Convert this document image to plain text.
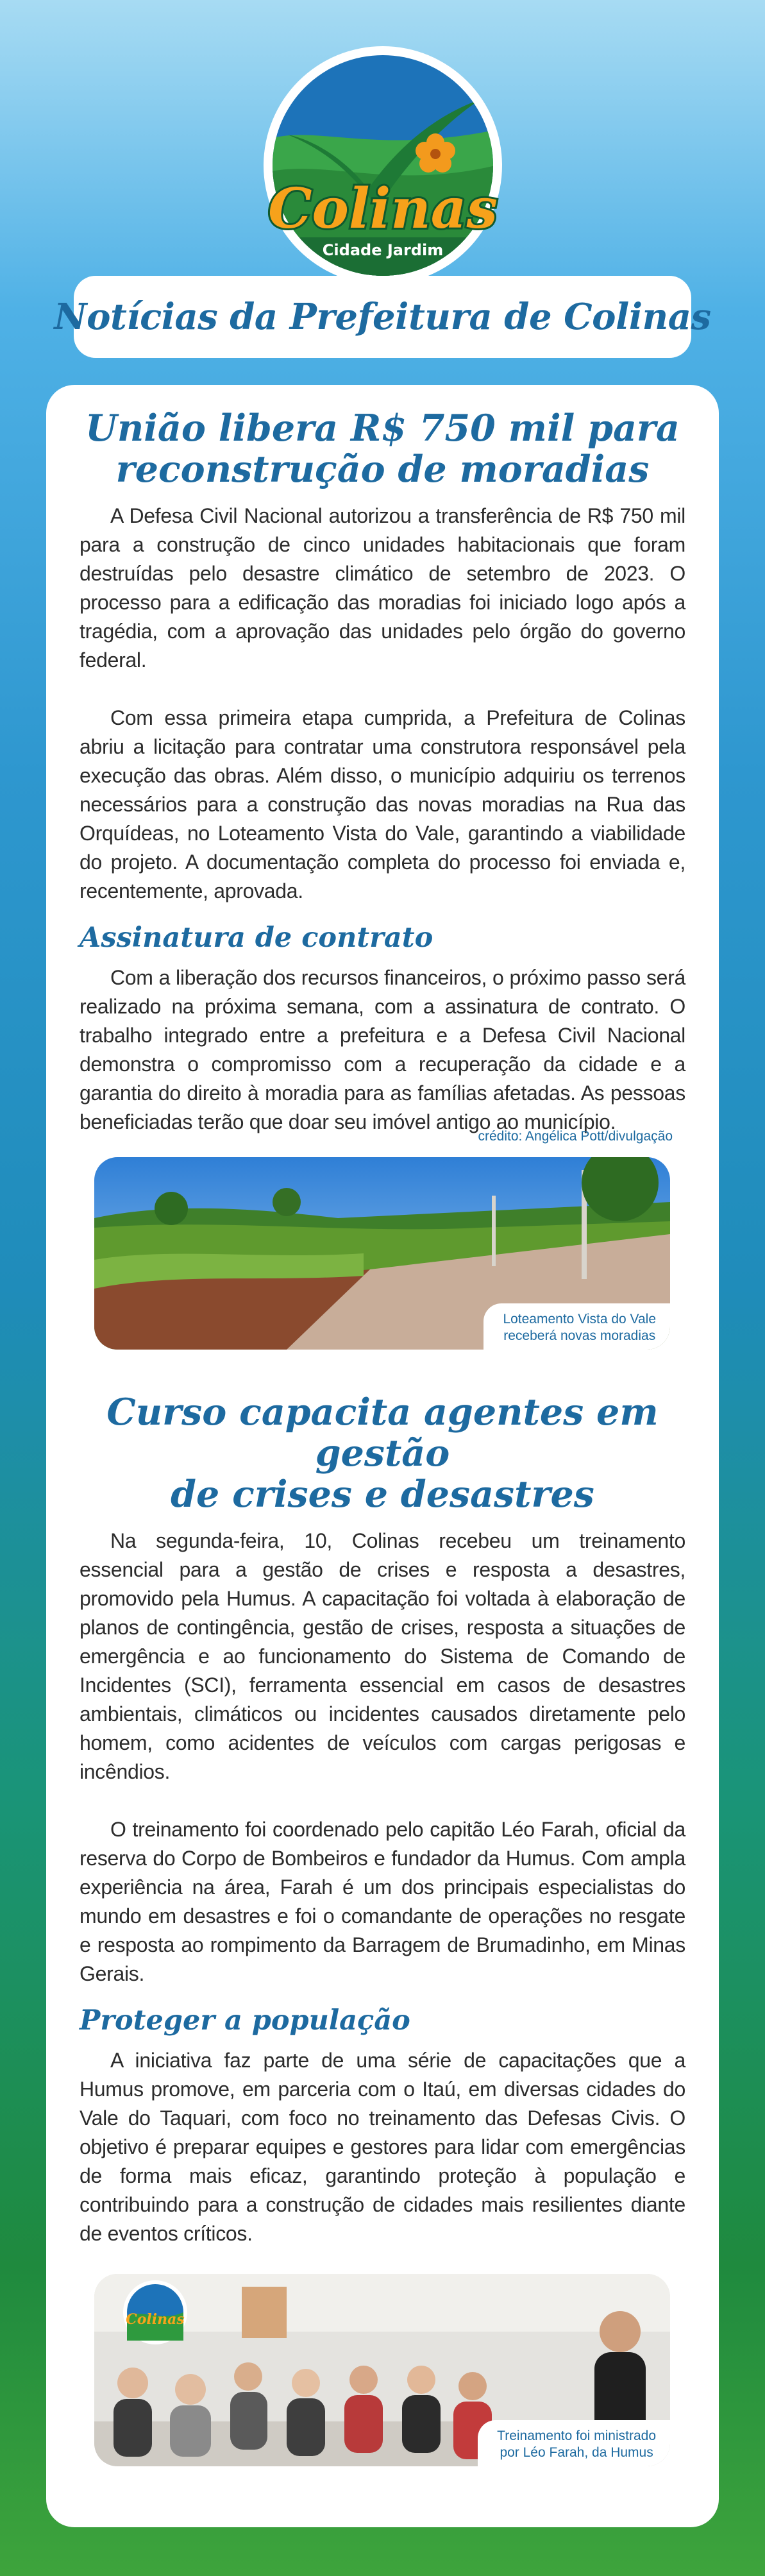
Colinas
Cidade Jardim
Notícias da Prefeitura de Colinas
União libera R$ 750 mil para
reconstrução de moradias

A Defesa Civil Nacional autorizou a transferência de R$ 750 mil para a construção de cinco unidades habitacionais que foram destruídas pelo desastre climático de setembro de 2023. O processo para a edificação das moradias foi iniciado logo após a tragédia, com a aprovação das unidades pelo órgão do governo federal.

Com essa primeira etapa cumprida, a Prefeitura de Colinas abriu a licitação para contratar uma construtora responsável pela execução das obras. Além disso, o município adquiriu os terrenos necessários para a construção das novas moradias na Rua das Orquídeas, no Loteamento Vista do Vale, garantindo a viabilidade do projeto. A documentação completa do processo foi enviada e, recentemente, aprovada.

Assinatura de contrato

Com a liberação dos recursos financeiros, o próximo passo será realizado na próxima semana, com a assinatura de contrato. O trabalho integrado entre a prefeitura e a Defesa Civil Nacional demonstra o compromisso com a recuperação da cidade e a garantia do direito à moradia para as famílias afetadas. As pessoas beneficiadas terão que doar seu imóvel antigo ao município.

crédito: Angélica Pott/divulgação

Loteamento Vista do Vale
receberá novas moradias
Curso capacita agentes em gestão
de crises e desastres

Na segunda-feira, 10, Colinas recebeu um treinamento essencial para a gestão de crises e resposta a desastres, promovido pela Humus. A capacitação foi voltada à elaboração de planos de contingência, gestão de crises, resposta a situações de emergência e ao funcionamento do Sistema de Comando de Incidentes (SCI), ferramenta essencial em casos de desastres ambientais, climáticos ou incidentes causados diretamente pelo homem, como acidentes de veículos com cargas perigosas e incêndios.

O treinamento foi coordenado pelo capitão Léo Farah, oficial da reserva do Corpo de Bombeiros e fundador da Humus. Com ampla experiência na área, Farah é um dos principais especialistas do mundo em desastres e foi o comandante de operações no resgate e resposta ao rompimento da Barragem de Brumadinho, em Minas Gerais.

Proteger a população

A iniciativa faz parte de uma série de capacitações que a Humus promove, em parceria com o Itaú, em diversas cidades do Vale do Taquari, com foco no treinamento das Defesas Civis. O objetivo é preparar equipes e gestores para lidar com emergências de forma mais eficaz, garantindo proteção à população e contribuindo para a construção de cidades mais resilientes diante de eventos críticos.

Colinas
Treinamento foi ministrado
por Léo Farah, da Humus
